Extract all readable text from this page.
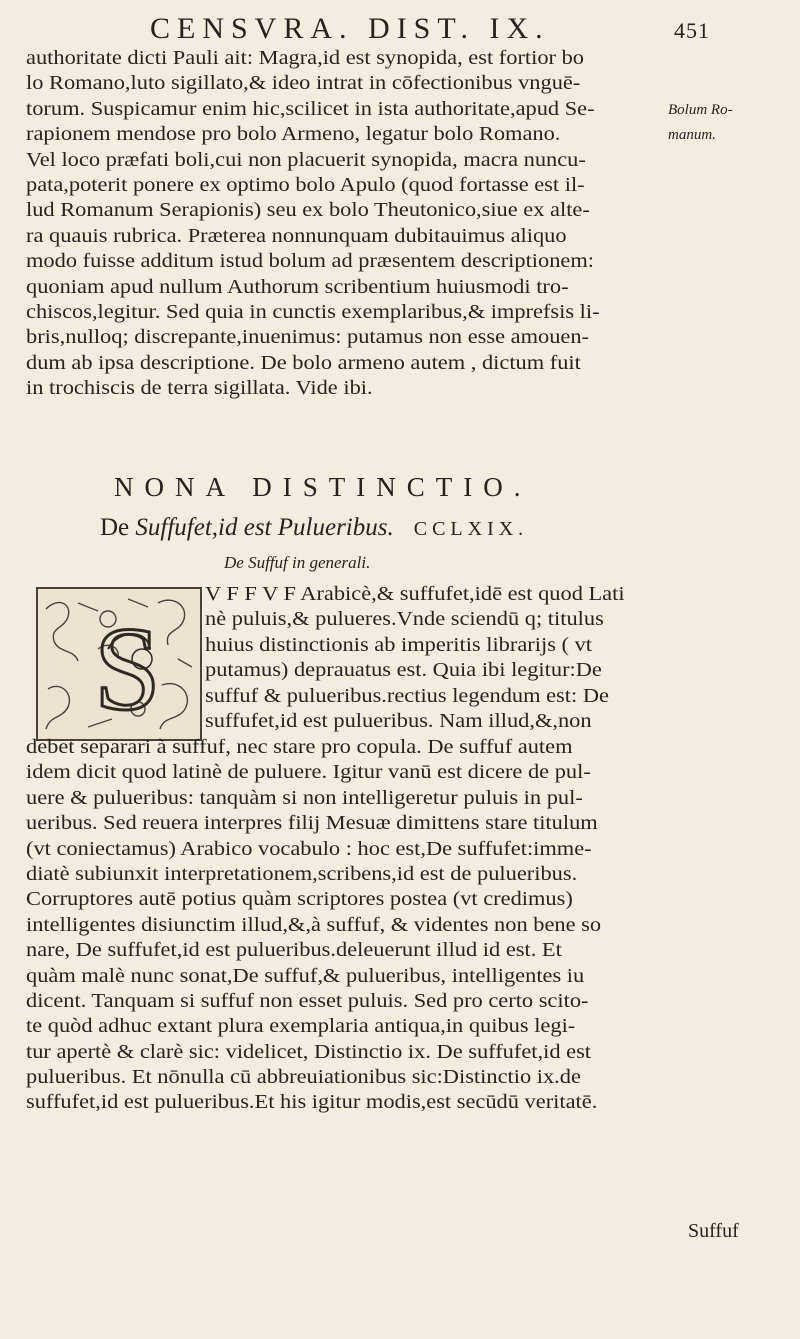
CENSVRA. DIST. IX.	451
authoritate dicti Pauli ait: Magra,id est synopida, est fortior bo
lo Romano,luto sigillato,& ideo intrat in cōfectionibus vnguē-
torum. Suspicamur enim hic,scilicet in ista authoritate,apud Se-
rapionem mendose pro bolo Armeno, legatur bolo Romano.
Vel loco præfati boli,cui non placuerit synopida, macra nuncu-
pata,poterit ponere ex optimo bolo Apulo (quod fortasse est il-
lud Romanum Serapionis) seu ex bolo Theutonico,siue ex alte-
ra quauis rubrica. Præterea nonnunquam dubitauimus aliquo
modo fuisse additum istud bolum ad præsentem descriptionem:
quoniam apud nullum Authorum scribentium huiusmodi tro-
chiscos,legitur. Sed quia in cunctis exemplaribus,& imprefsis li-
bris,nulloq; discrepante,inuenimus: putamus non esse amouen-
dum ab ipsa descriptione. De bolo armeno autem , dictum fuit
in trochiscis de terra sigillata. Vide ibi.
Bolum Ro-
manum.
NONA DISTINCTIO.
De Suffufet,id est Pulueribus. CCLXIX.
De Suffuf in generali.
S
V F F V F Arabicè,& suffufet,idē est quod Lati
nè puluis,& pulueres.Vnde sciendū q; titulus
huius distinctionis ab imperitis librarijs ( vt
putamus) deprauatus est. Quia ibi legitur:De
suffuf & pulueribus.rectius legendum est: De
suffufet,id est pulueribus. Nam illud,&,non
debet separari à suffuf, nec stare pro copula. De suffuf autem
idem dicit quod latinè de puluere. Igitur vanū est dicere de pul-
uere & pulueribus: tanquàm si non intelligeretur puluis in pul-
ueribus. Sed reuera interpres filij Mesuæ dimittens stare titulum
(vt coniectamus) Arabico vocabulo : hoc est,De suffufet:imme-
diatè subiunxit interpretationem,scribens,id est de pulueribus.
Corruptores autē potius quàm scriptores postea (vt credimus)
intelligentes disiunctim illud,&,à suffuf, & videntes non bene so
nare, De suffufet,id est pulueribus.deleuerunt illud id est. Et
quàm malè nunc sonat,De suffuf,& pulueribus, intelligentes iu
dicent. Tanquam si suffuf non esset puluis. Sed pro certo scito-
te quòd adhuc extant plura exemplaria antiqua,in quibus legi-
tur apertè & clarè sic: videlicet, Distinctio ix. De suffufet,id est
pulueribus. Et nōnulla cū abbreuiationibus sic:Distinctio ix.de
suffufet,id est pulueribus.Et his igitur modis,est secūdū veritatē.
Suffuf
